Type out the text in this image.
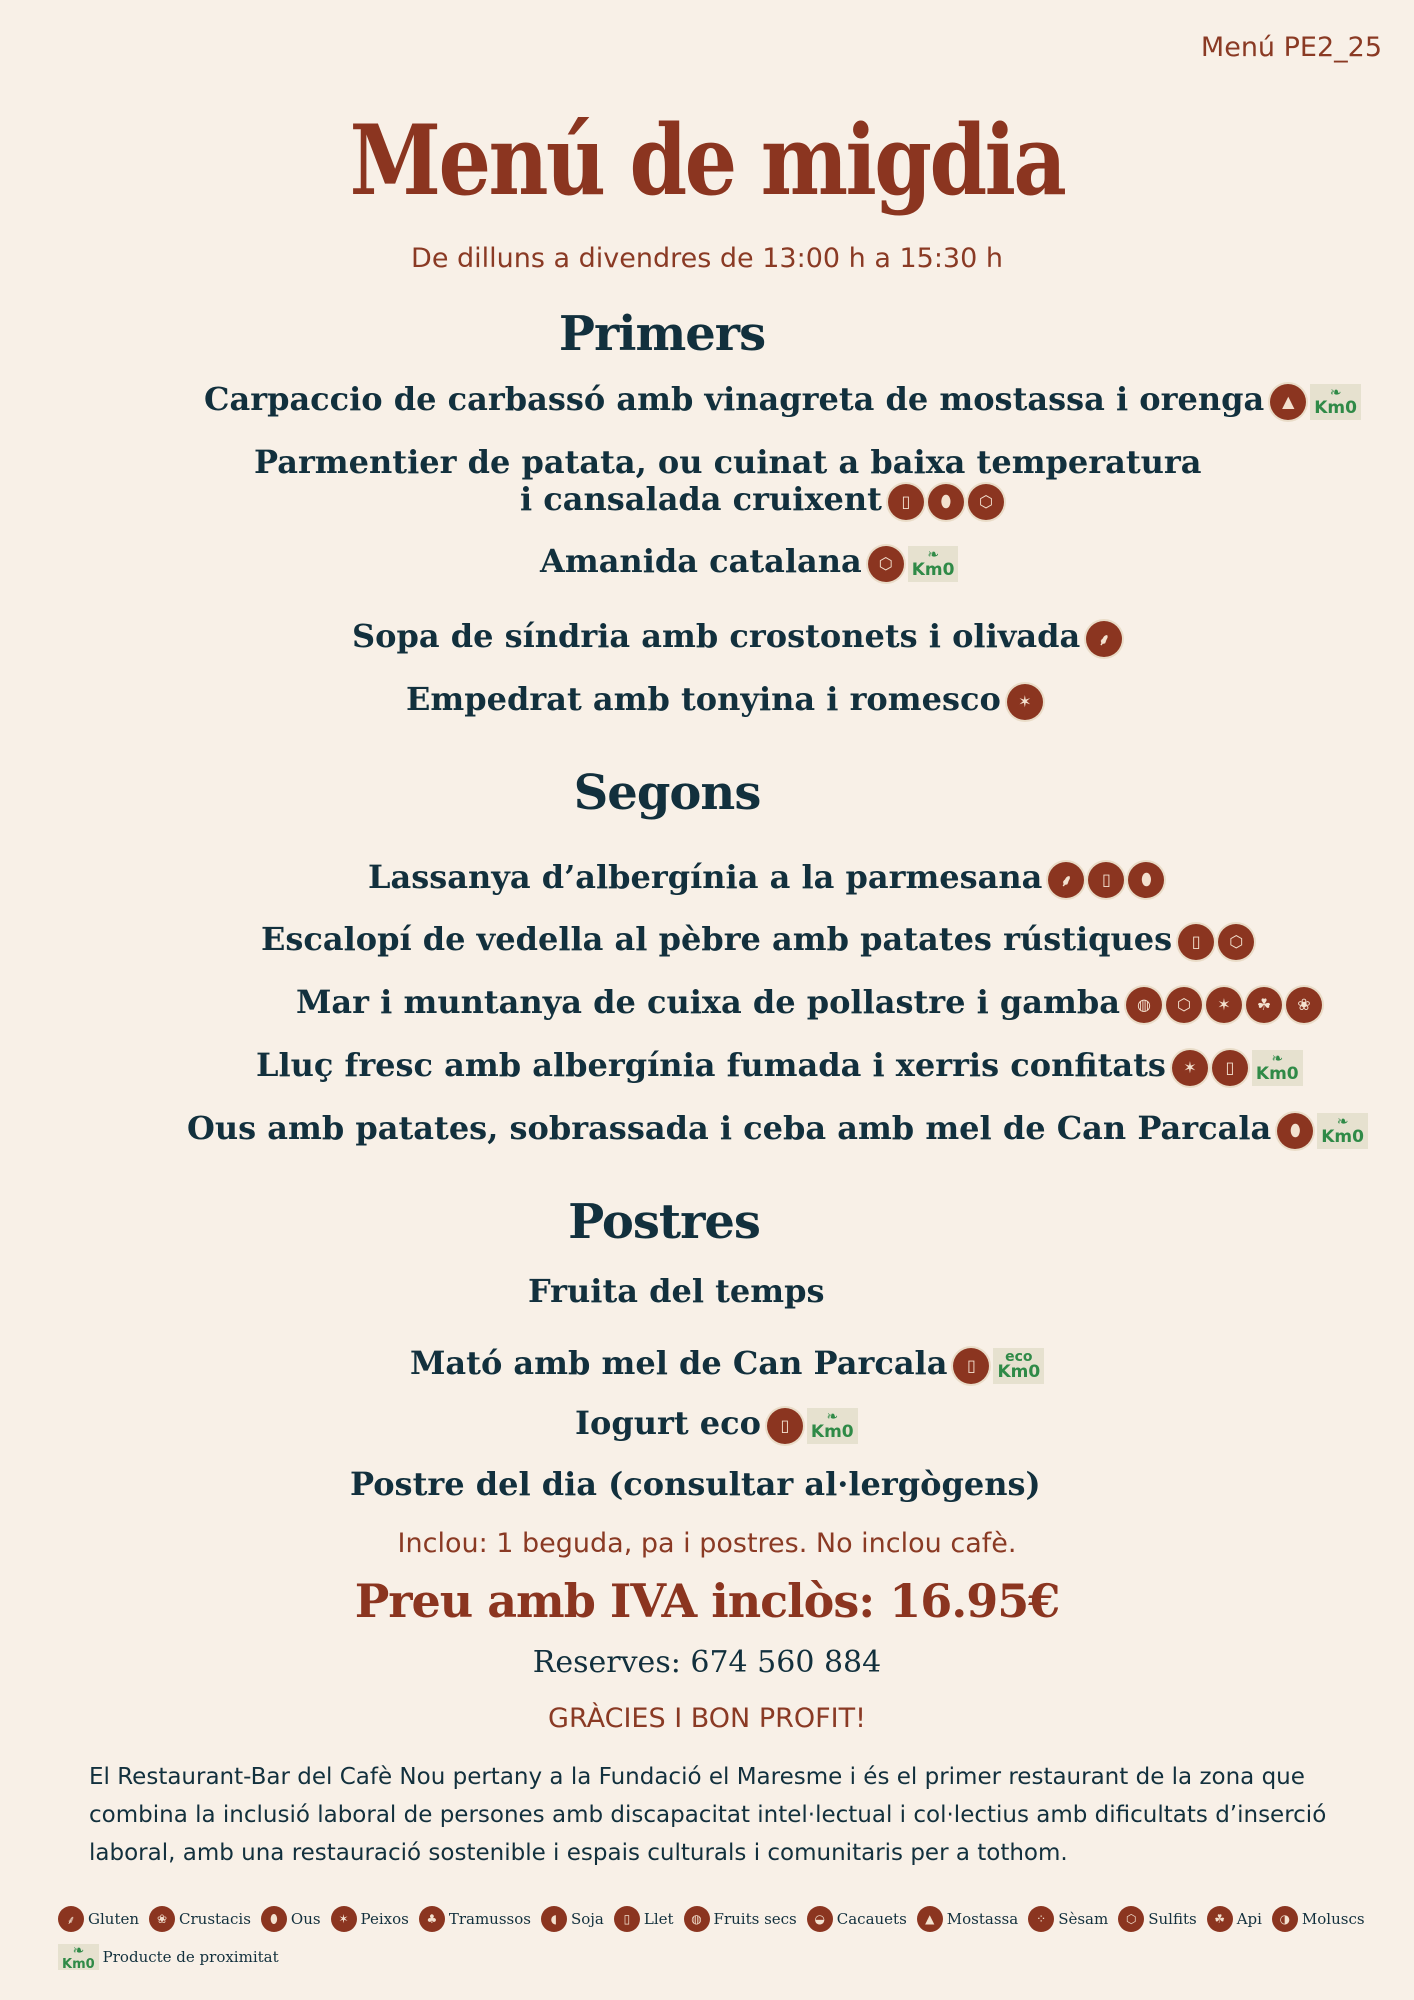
Menú PE2_25
Menú de migdia
De dilluns a divendres de 13:00 h a 15:30 h
Primers
Carpaccio de carbassó amb vinagreta de mostassa i orenga	▲	❧
Km0
Parmentier de patata, ou cuinat a baixa temperatura
i cansalada cruixent	▯	⬮	⬡
Amanida catalana	⬡	❧
Km0
Sopa de síndria amb crostonets i olivada	⸙
Empedrat amb tonyina i romesco	✶
Segons
Lassanya d’albergínia a la parmesana	⸙	▯	⬮
Escalopí de vedella al pèbre amb patates rústiques	▯	⬡
Mar i muntanya de cuixa de pollastre i gamba	◍	⬡	✶	☘	❀
Lluç fresc amb albergínia fumada i xerris confitats	✶	▯	❧
Km0
Ous amb patates, sobrassada i ceba amb mel de Can Parcala	⬮	❧
Km0
Postres
Fruita del temps
Mató amb mel de Can Parcala	▯	eco
Km0
Iogurt eco	▯	❧
Km0
Postre del dia (consultar al·lergògens)
Inclou: 1 beguda, pa i postres. No inclou cafè.
Preu amb IVA inclòs: 16.95€
Reserves: 674 560 884
GRÀCIES I BON PROFIT!
El Restaurant-Bar del Cafè Nou pertany a la Fundació el Maresme i és el primer restaurant de la zona que combina la inclusió laboral de persones amb discapacitat intel·lectual i col·lectius amb dificultats d’inserció laboral, amb una restauració sostenible i espais culturals i comunitaris per a tothom.
⸙ Gluten	❀ Crustacis	⬮ Ous	✶ Peixos	♣ Tramussos	◖ Soja	▯ Llet	◍ Fruits secs	◒ Cacauets	▲ Mostassa	⁘ Sèsam	⬡ Sulfits	☘ Api	◑ Moluscs
❧
Km0 Producte de proximitat
